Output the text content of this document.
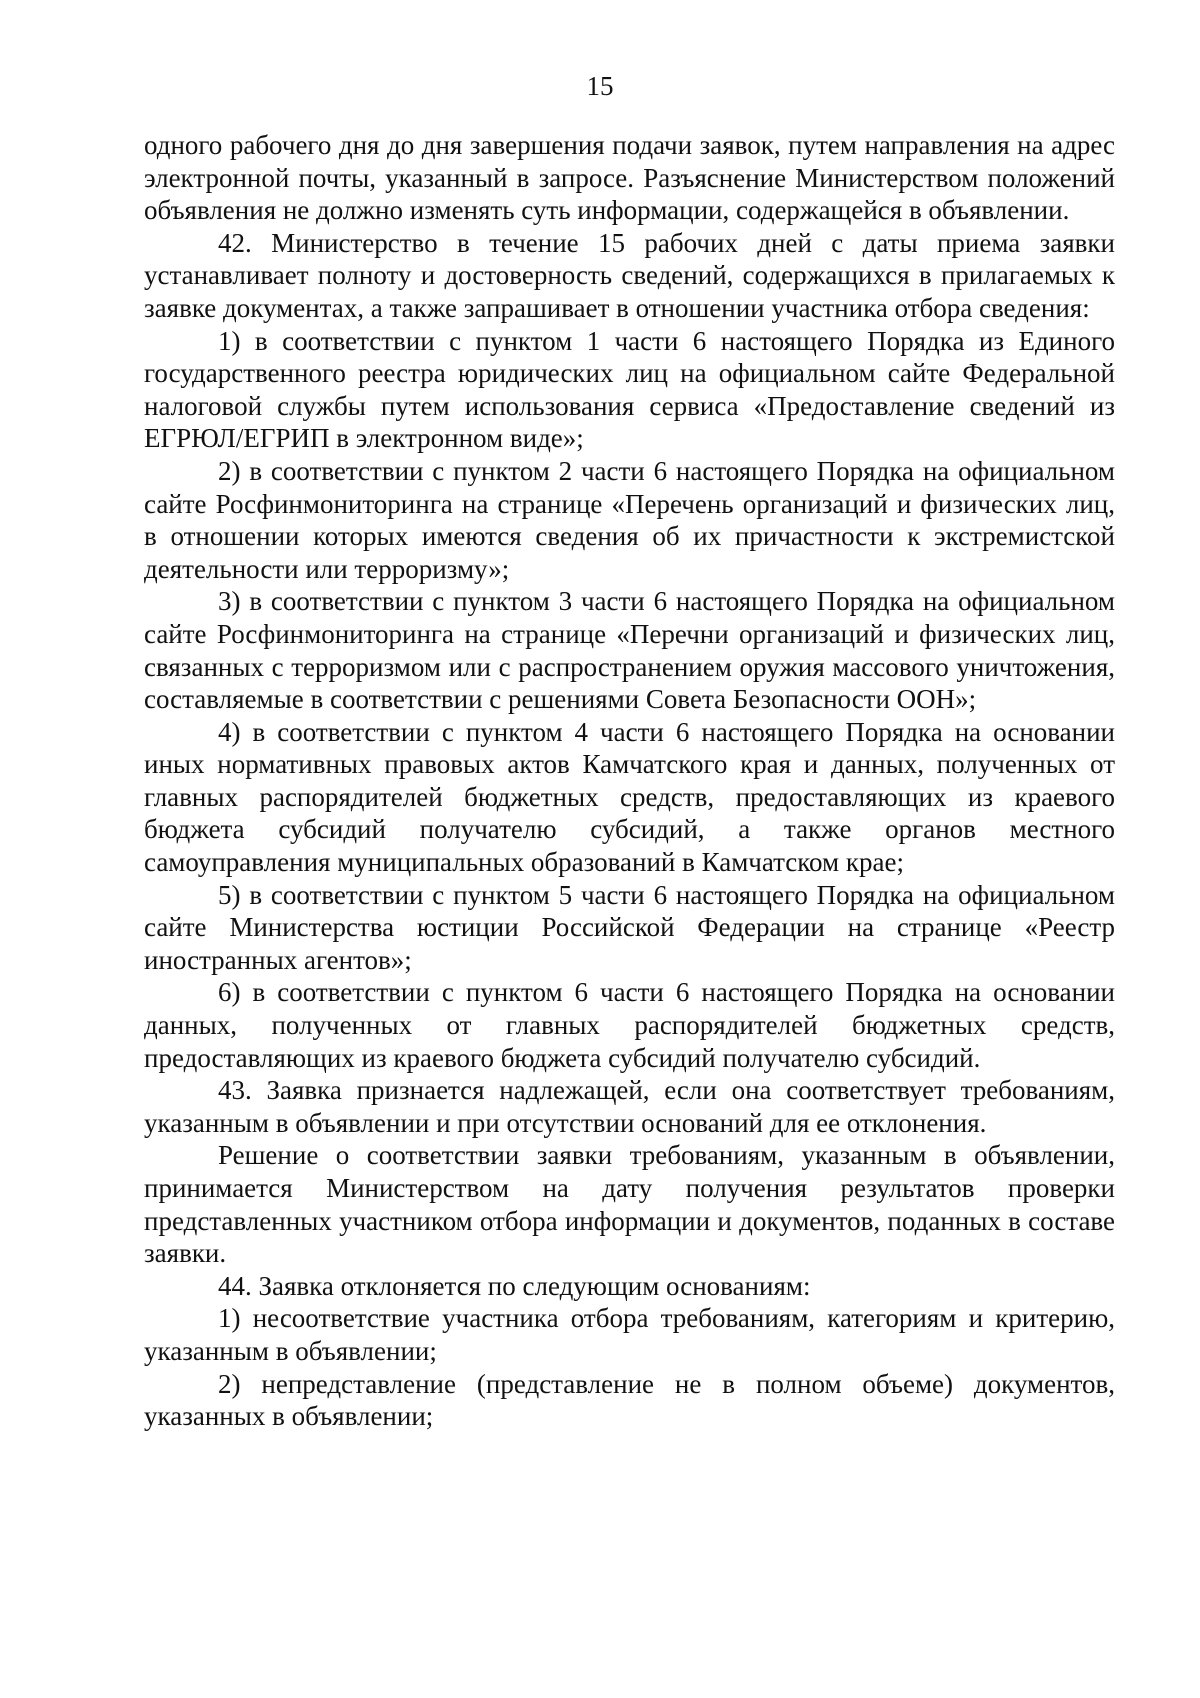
15

одного рабочего дня до дня завершения подачи заявок, путем направления на адрес электронной почты, указанный в запросе. Разъяснение Министерством положений объявления не должно изменять суть информации, содержащейся в объявлении.

42. Министерство в течение 15 рабочих дней с даты приема заявки устанавливает полноту и достоверность сведений, содержащихся в прилагаемых к заявке документах, а также запрашивает в отношении участника отбора сведения:

1) в соответствии с пунктом 1 части 6 настоящего Порядка из Единого государственного реестра юридических лиц на официальном сайте Федеральной налоговой службы путем использования сервиса «Предоставление сведений из ЕГРЮЛ/ЕГРИП в электронном виде»;

2) в соответствии с пунктом 2 части 6 настоящего Порядка на официальном сайте Росфинмониторинга на странице «Перечень организаций и физических лиц, в отношении которых имеются сведения об их причастности к экстремистской деятельности или терроризму»;

3) в соответствии с пунктом 3 части 6 настоящего Порядка на официальном сайте Росфинмониторинга на странице «Перечни организаций и физических лиц, связанных с терроризмом или с распространением оружия массового уничтожения, составляемые в соответствии с решениями Совета Безопасности ООН»;

4) в соответствии с пунктом 4 части 6 настоящего Порядка на основании иных нормативных правовых актов Камчатского края и данных, полученных от главных распорядителей бюджетных средств, предоставляющих из краевого бюджета субсидий получателю субсидий, а также органов местного самоуправления муниципальных образований в Камчатском крае;

5) в соответствии с пунктом 5 части 6 настоящего Порядка на официальном сайте Министерства юстиции Российской Федерации на странице «Реестр иностранных агентов»;

6) в соответствии с пунктом 6 части 6 настоящего Порядка на основании данных, полученных от главных распорядителей бюджетных средств, предоставляющих из краевого бюджета субсидий получателю субсидий.

43. Заявка признается надлежащей, если она соответствует требованиям, указанным в объявлении и при отсутствии оснований для ее отклонения.

Решение о соответствии заявки требованиям, указанным в объявлении, принимается Министерством на дату получения результатов проверки представленных участником отбора информации и документов, поданных в составе заявки.

44. Заявка отклоняется по следующим основаниям:

1) несоответствие участника отбора требованиям, категориям и критерию, указанным в объявлении;

2) непредставление (представление не в полном объеме) документов, указанных в объявлении;
